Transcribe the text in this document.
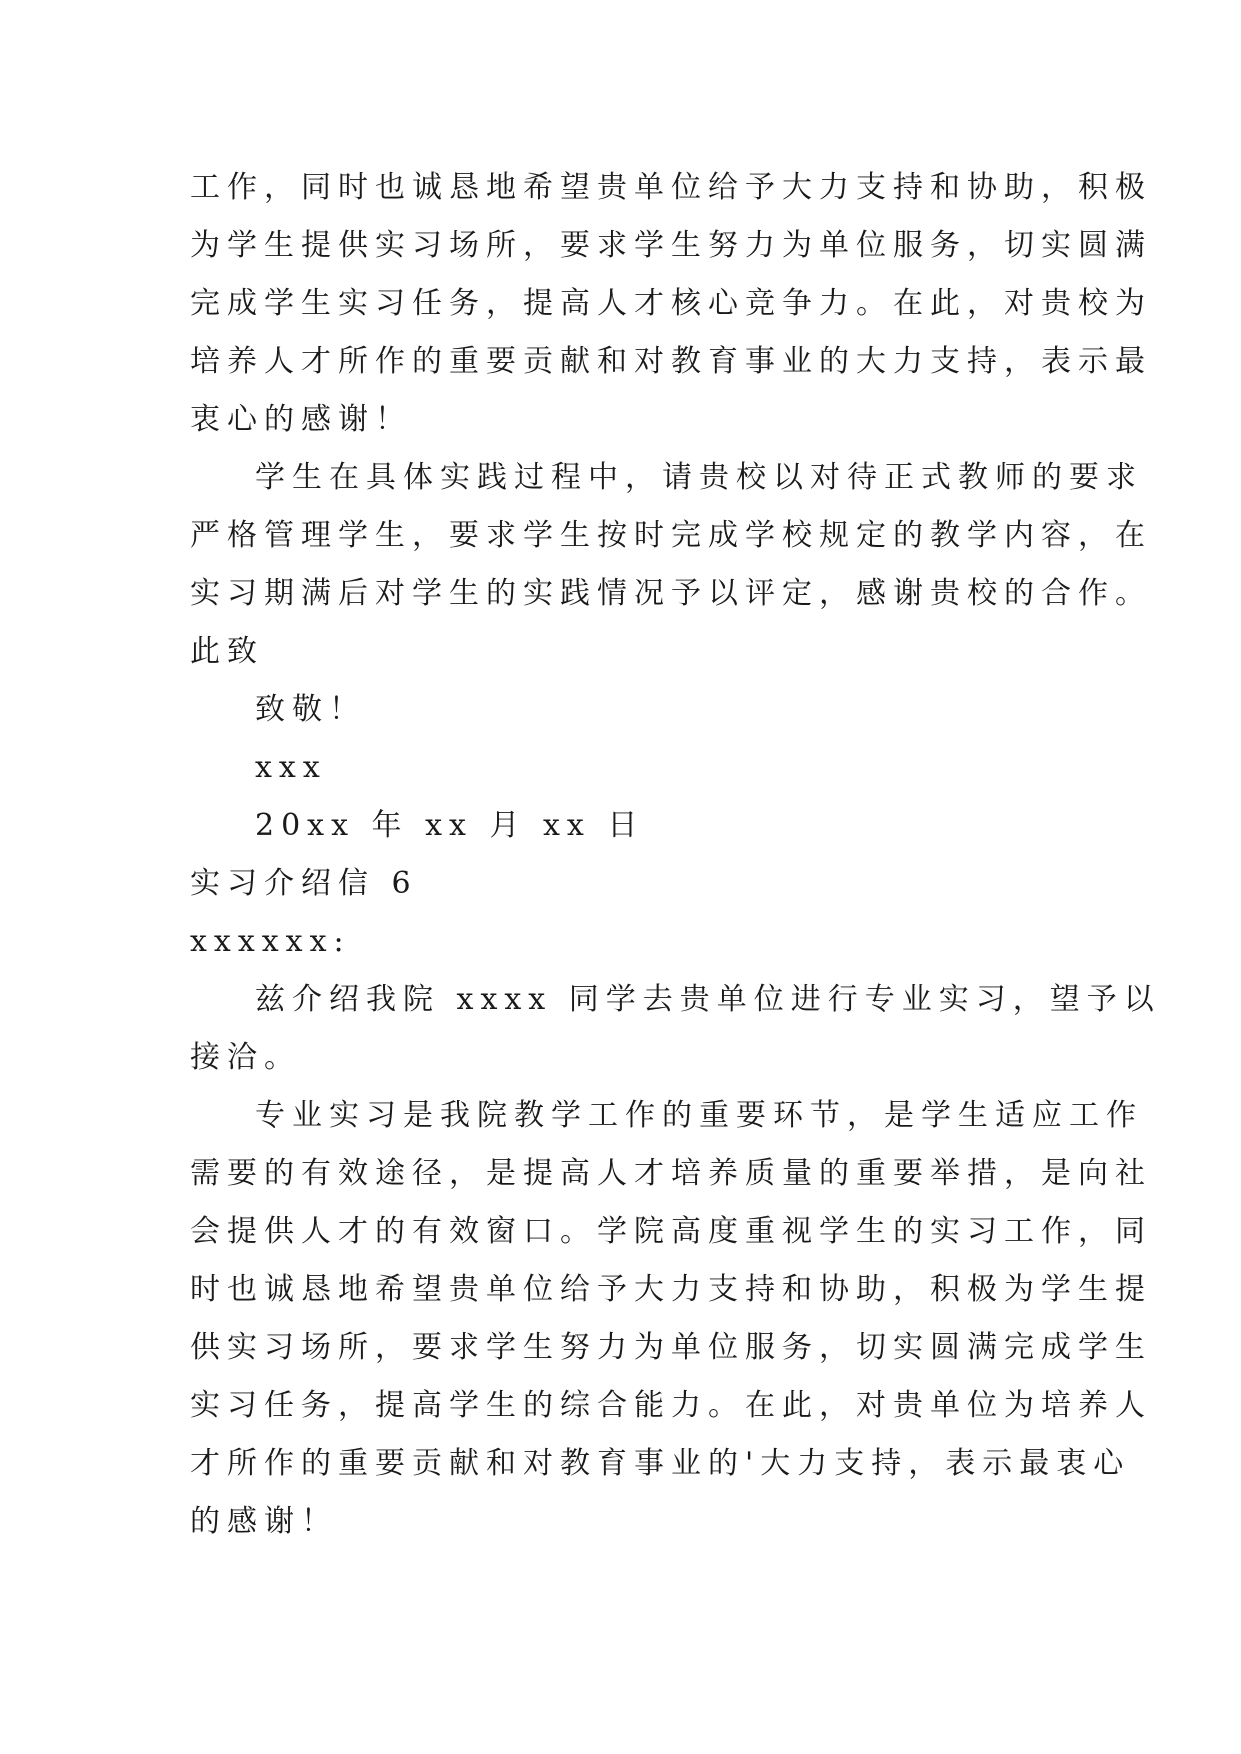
工作，同时也诚恳地希望贵单位给予大力支持和协助，积极

为学生提供实习场所，要求学生努力为单位服务，切实圆满

完成学生实习任务，提高人才核心竞争力。在此，对贵校为

培养人才所作的重要贡献和对教育事业的大力支持，表示最

衷心的感谢！

学生在具体实践过程中，请贵校以对待正式教师的要求

严格管理学生，要求学生按时完成学校规定的教学内容，在

实习期满后对学生的实践情况予以评定，感谢贵校的合作。

此致

致敬！

xxx

20xx 年 xx 月 xx 日

实习介绍信 6

xxxxxx:

兹介绍我院 xxxx 同学去贵单位进行专业实习，望予以

接洽。

专业实习是我院教学工作的重要环节，是学生适应工作

需要的有效途径，是提高人才培养质量的重要举措，是向社

会提供人才的有效窗口。学院高度重视学生的实习工作，同

时也诚恳地希望贵单位给予大力支持和协助，积极为学生提

供实习场所，要求学生努力为单位服务，切实圆满完成学生

实习任务，提高学生的综合能力。在此，对贵单位为培养人

才所作的重要贡献和对教育事业的'大力支持，表示最衷心

的感谢！
